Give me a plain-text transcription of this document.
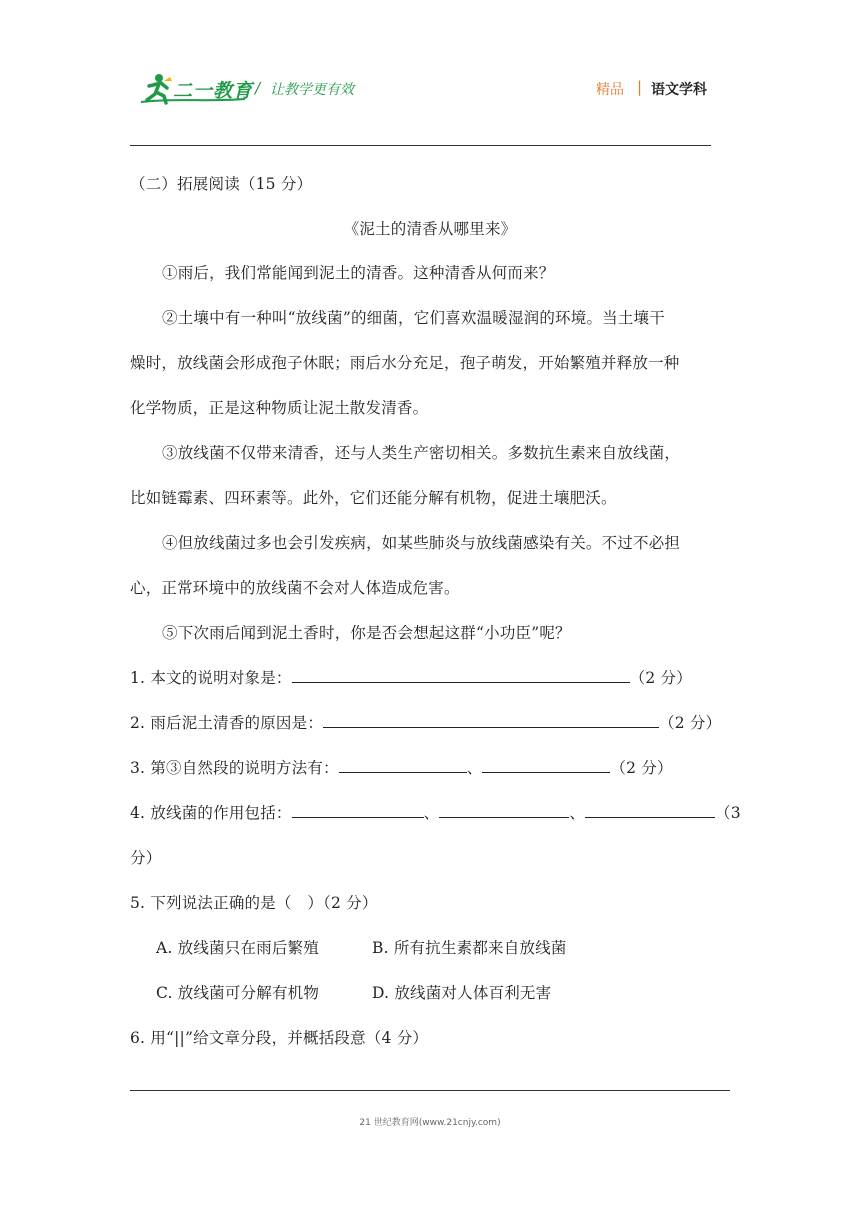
二一教育 / 让教学更有效	精品 | 语文学科
（二）拓展阅读（15 分）
《泥土的清香从哪里来》
①雨后，我们常能闻到泥土的清香。这种清香从何而来？
②土壤中有一种叫“放线菌”的细菌，它们喜欢温暖湿润的环境。当土壤干
燥时，放线菌会形成孢子休眠；雨后水分充足，孢子萌发，开始繁殖并释放一种
化学物质，正是这种物质让泥土散发清香。
③放线菌不仅带来清香，还与人类生产密切相关。多数抗生素来自放线菌，
比如链霉素、四环素等。此外，它们还能分解有机物，促进土壤肥沃。
④但放线菌过多也会引发疾病，如某些肺炎与放线菌感染有关。不过不必担
心，正常环境中的放线菌不会对人体造成危害。
⑤下次雨后闻到泥土香时，你是否会想起这群“小功臣”呢？
1. 本文的说明对象是：	（2 分）
2. 雨后泥土清香的原因是：	（2 分）
3. 第③自然段的说明方法有：	、	（2 分）
4. 放线菌的作用包括：	、	、	（3
分）
5. 下列说法正确的是（　）（2 分）
A. 放线菌只在雨后繁殖	B. 所有抗生素都来自放线菌
C. 放线菌可分解有机物	D. 放线菌对人体百利无害
6. 用“||”给文章分段，并概括段意（4 分）
21 世纪教育网(www.21cnjy.com)
